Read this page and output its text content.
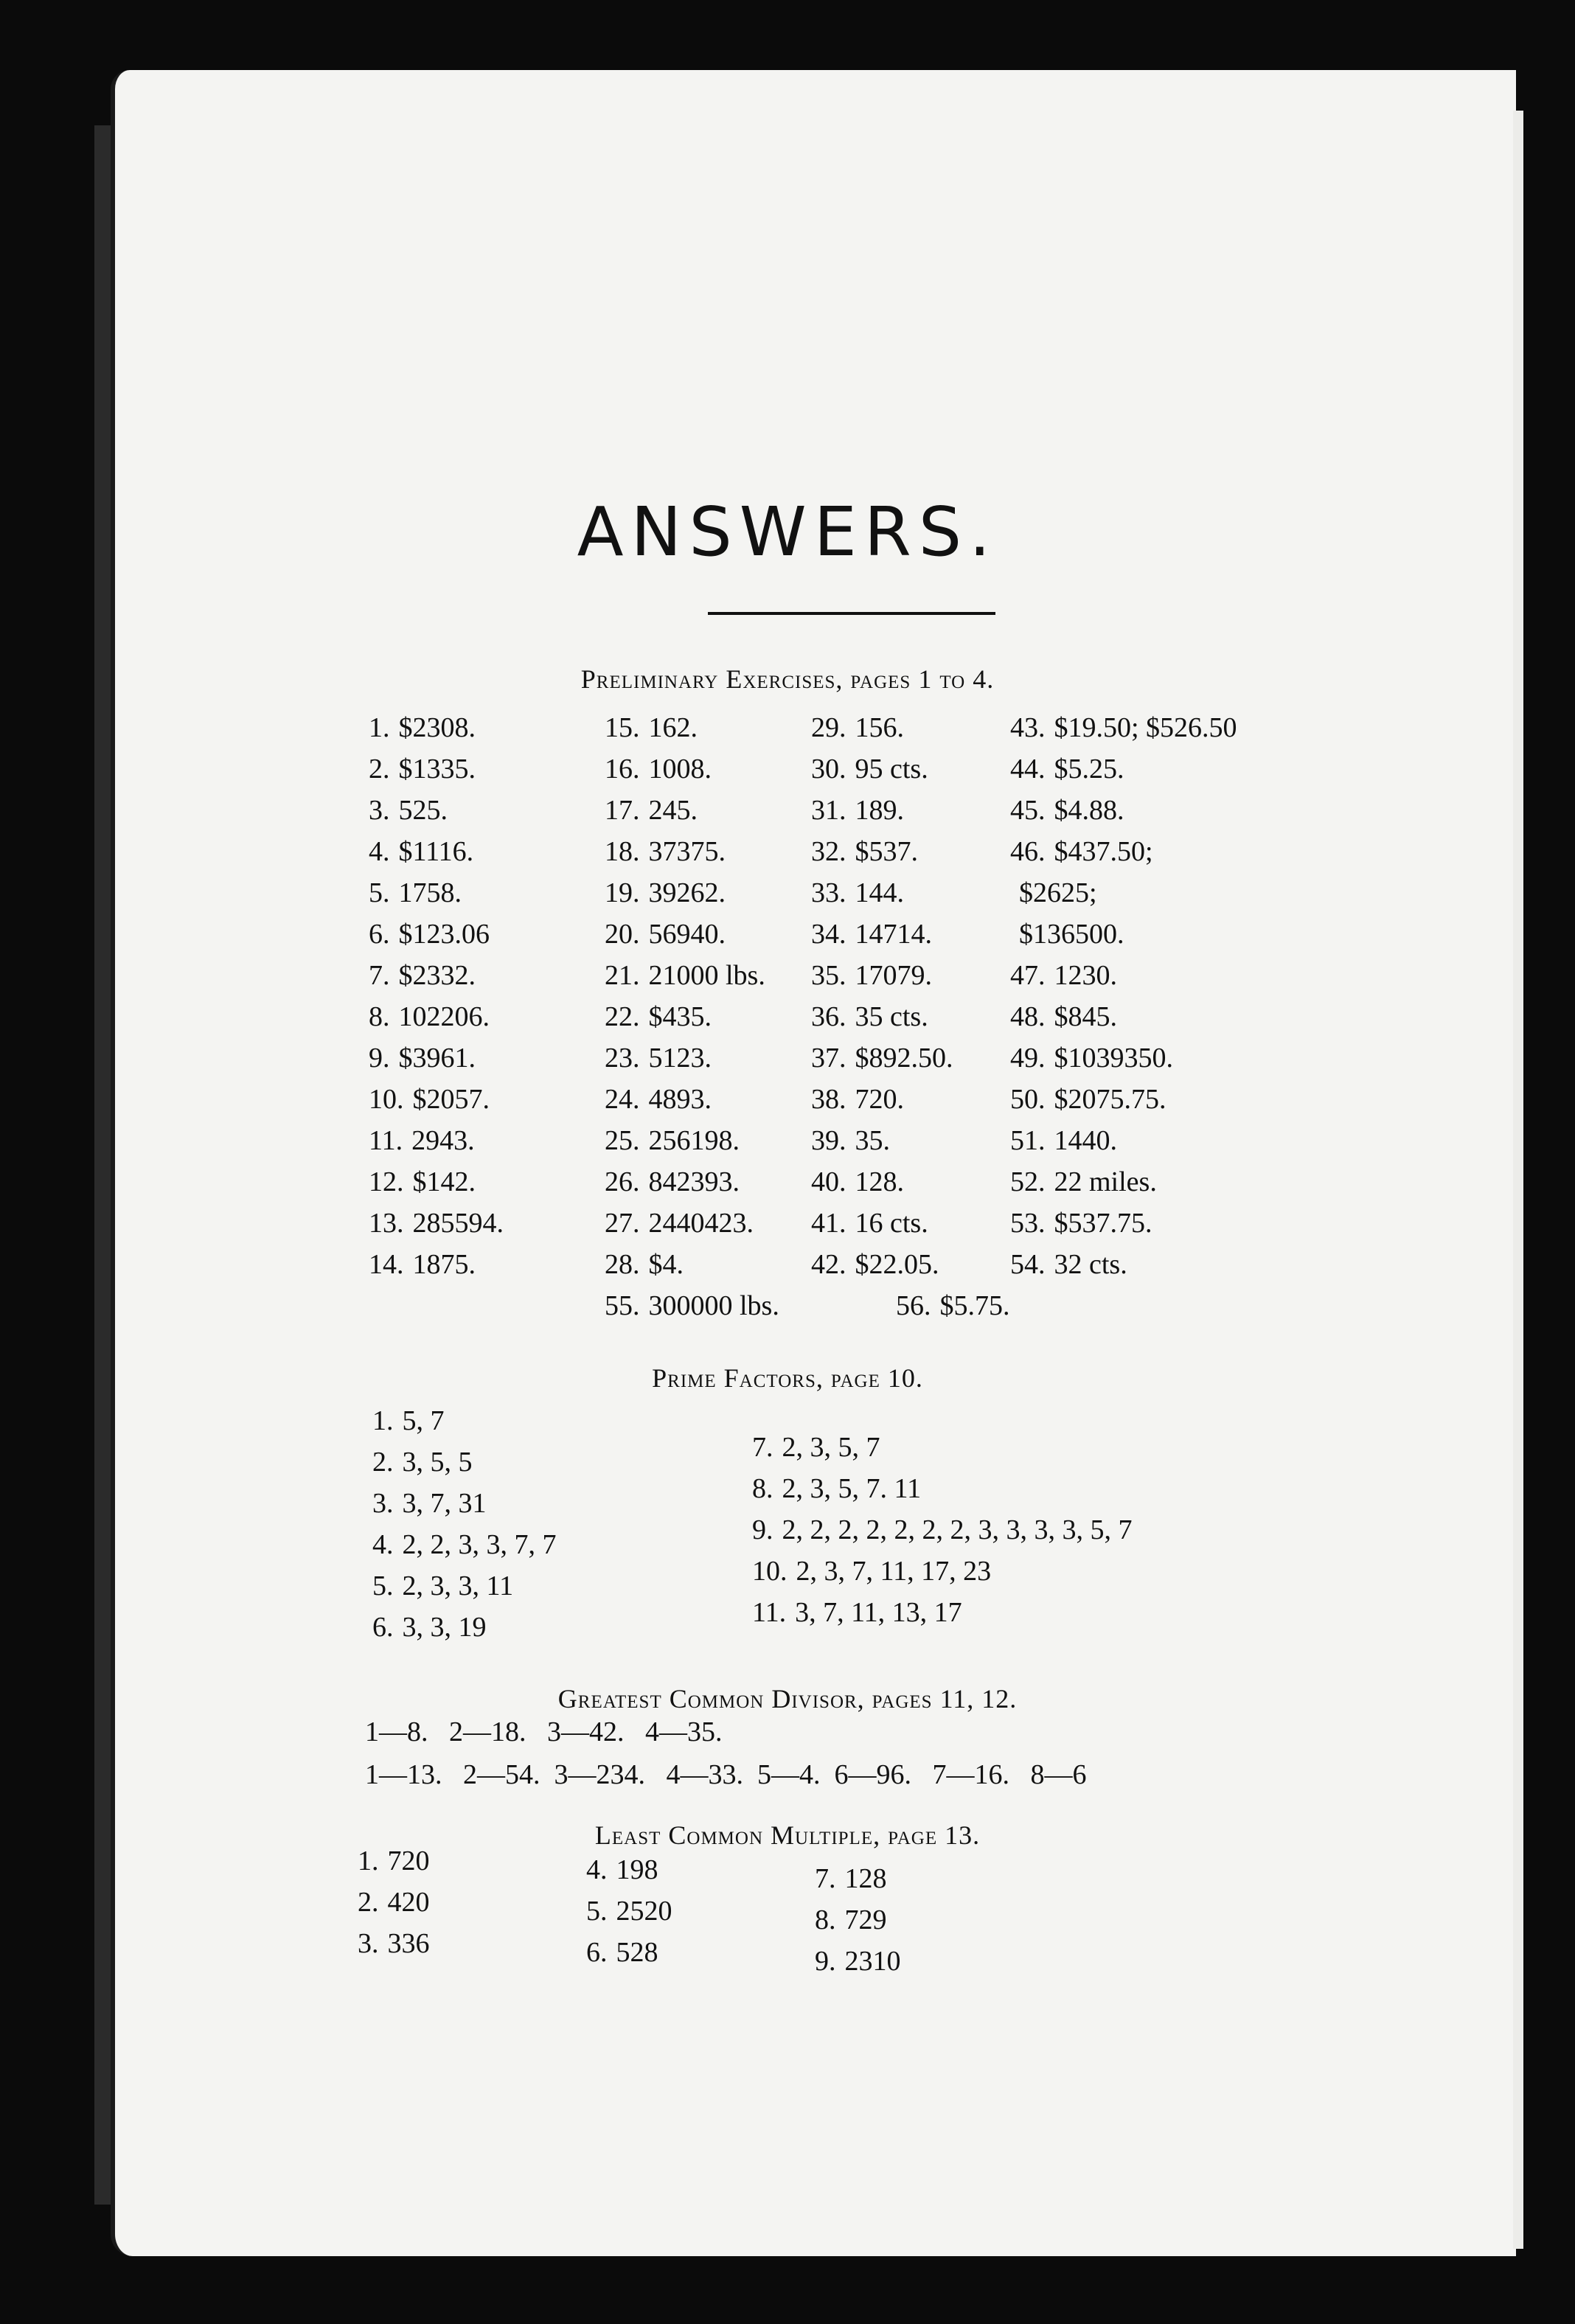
ANSWERS.
Preliminary Exercises, pages 1 to 4.
1. $2308.
2. $1335.
3. 525.
4. $1116.
5. 1758.
6. $123.06
7. $2332.
8. 102206.
9. $3961.
10. $2057.
11. 2943.
12. $142.
13. 285594.
14. 1875.
15. 162.
16. 1008.
17. 245.
18. 37375.
19. 39262.
20. 56940.
21. 21000 lbs.
22. $435.
23. 5123.
24. 4893.
25. 256198.
26. 842393.
27. 2440423.
28. $4.
29. 156.
30. 95 cts.
31. 189.
32. $537.
33. 144.
34. 14714.
35. 17079.
36. 35 cts.
37. $892.50.
38. 720.
39. 35.
40. 128.
41. 16 cts.
42. $22.05.
43. $19.50; $526.50
44. $5.25.
45. $4.88.
46. $437.50;
$2625;
$136500.
47. 1230.
48. $845.
49. $1039350.
50. $2075.75.
51. 1440.
52. 22 miles.
53. $537.75.
54. 32 cts.
55. 300000 lbs.	56. $5.75.
Prime Factors, page 10.
1. 5, 7
2. 3, 5, 5
3. 3, 7, 31
4. 2, 2, 3, 3, 7, 7
5. 2, 3, 3, 11
6. 3, 3, 19
7. 2, 3, 5, 7
8. 2, 3, 5, 7. 11
9. 2, 2, 2, 2, 2, 2, 2, 3, 3, 3, 3, 5, 7
10. 2, 3, 7, 11, 17, 23
11. 3, 7, 11, 13, 17
Greatest Common Divisor, pages 11, 12.
1—8.   2—18.   3—42.   4—35.
1—13.   2—54.  3—234.   4—33.  5—4.  6—96.   7—16.   8—6
Least Common Multiple, page 13.
1. 720
2. 420
3. 336
4. 198
5. 2520
6. 528
7. 128
8. 729
9. 2310
